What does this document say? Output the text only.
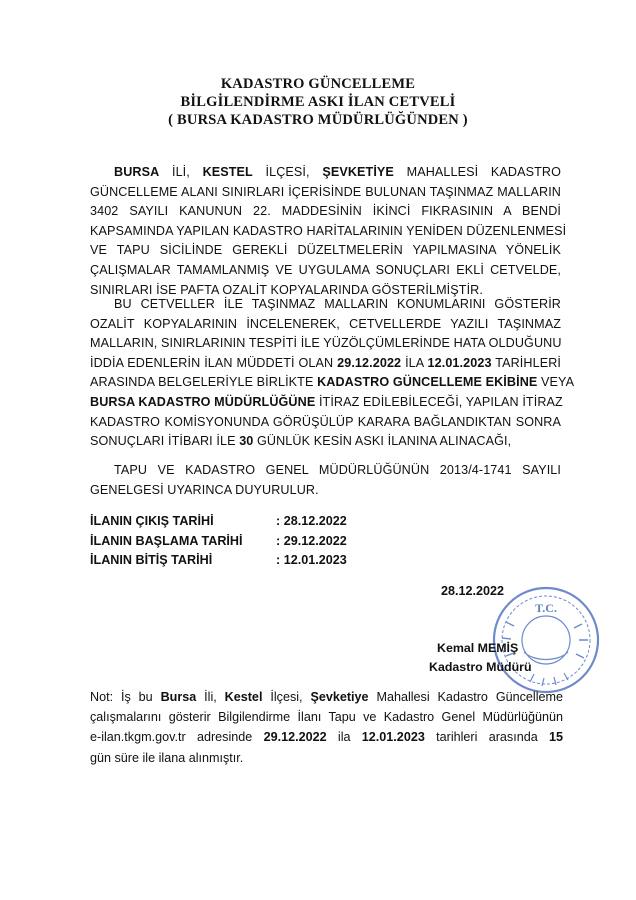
KADASTRO GÜNCELLEME
BİLGİLENDİRME ASKI İLAN CETVELİ
( BURSA KADASTRO MÜDÜRLÜĞÜNDEN )
BURSA İLİ, KESTEL İLÇESİ, ŞEVKETİYE MAHALLESİ KADASTRO
GÜNCELLEME ALANI SINIRLARI İÇERİSİNDE BULUNAN TAŞINMAZ MALLARIN
3402 SAYILI KANUNUN 22. MADDESİNİN İKİNCİ FIKRASININ A BENDİ
KAPSAMINDA YAPILAN KADASTRO HARİTALARININ YENİDEN DÜZENLENMESİ
VE TAPU SİCİLİNDE GEREKLİ DÜZELTMELERİN YAPILMASINA YÖNELİK
ÇALIŞMALAR TAMAMLANMIŞ VE UYGULAMA SONUÇLARI EKLİ CETVELDE,
SINIRLARI İSE PAFTA OZALİT KOPYALARINDA GÖSTERİLMİŞTİR.
BU CETVELLER İLE TAŞINMAZ MALLARIN KONUMLARINI GÖSTERİR
OZALİT KOPYALARININ İNCELENEREK, CETVELLERDE YAZILI TAŞINMAZ
MALLARIN, SINIRLARININ TESPİTİ İLE YÜZÖLÇÜMLERİNDE HATA OLDUĞUNU
İDDİA EDENLERİN İLAN MÜDDETİ OLAN 29.12.2022 İLA 12.01.2023 TARİHLERİ
ARASINDA BELGELERİYLE BİRLİKTE KADASTRO GÜNCELLEME EKİBİNE VEYA
BURSA KADASTRO MÜDÜRLÜĞÜNE İTİRAZ EDİLEBİLECEĞİ, YAPILAN İTİRAZ
KADASTRO KOMİSYONUNDA GÖRÜŞÜLÜP KARARA BAĞLANDIKTAN SONRA
SONUÇLARI İTİBARI İLE 30 GÜNLÜK KESİN ASKI İLANINA ALINACAĞI,
TAPU VE KADASTRO GENEL MÜDÜRLÜĞÜNÜN 2013/4-1741 SAYILI
GENELGESİ UYARINCA DUYURULUR.
İLANIN ÇIKIŞ TARİHİ	: 28.12.2022
İLANIN BAŞLAMA TARİHİ	: 29.12.2022
İLANIN BİTİŞ TARİHİ	: 12.01.2023
T.C.
28.12.2022
Kemal MEMİŞ
Kadastro Müdürü
Not: İş bu Bursa İli, Kestel İlçesi, Şevketiye Mahallesi Kadastro Güncelleme
çalışmalarını gösterir Bilgilendirme İlanı Tapu ve Kadastro Genel Müdürlüğünün
e-ilan.tkgm.gov.tr adresinde 29.12.2022 ila 12.01.2023 tarihleri arasında 15
gün süre ile ilana alınmıştır.
